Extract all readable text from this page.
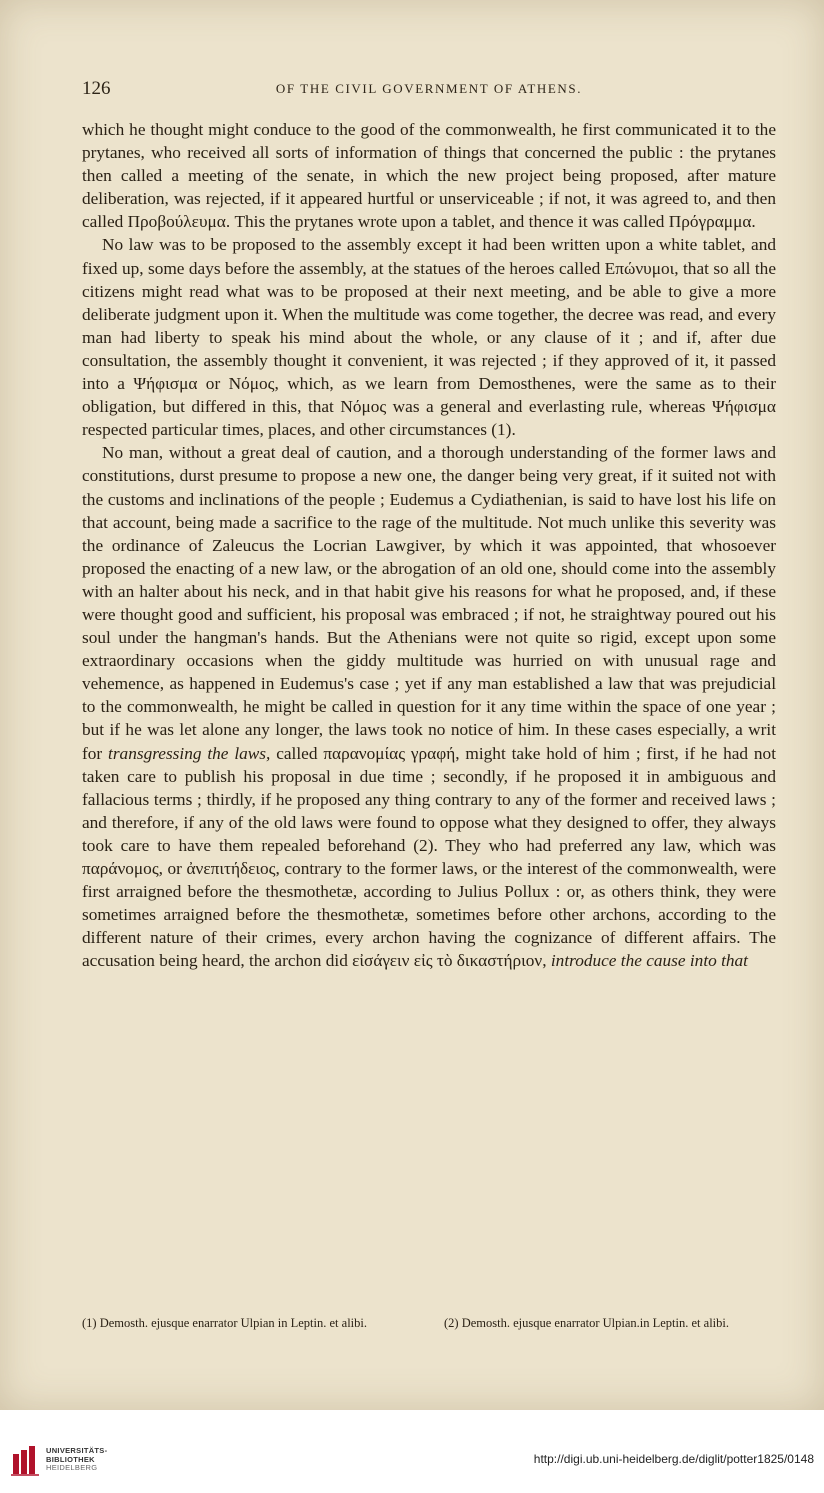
126	OF THE CIVIL GOVERNMENT OF ATHENS.

which he thought might conduce to the good of the commonwealth, he first communicated it to the prytanes, who received all sorts of information of things that concerned the public : the prytanes then called a meeting of the senate, in which the new project being proposed, after mature deliberation, was rejected, if it appeared hurtful or unserviceable ; if not, it was agreed to, and then called Προβούλευμα. This the prytanes wrote upon a tablet, and thence it was called Πρόγραμμα.

No law was to be proposed to the assembly except it had been written upon a white tablet, and fixed up, some days before the assembly, at the statues of the heroes called Επώνυμοι, that so all the citizens might read what was to be proposed at their next meeting, and be able to give a more deliberate judgment upon it. When the multitude was come together, the decree was read, and every man had liberty to speak his mind about the whole, or any clause of it ; and if, after due consultation, the assembly thought it convenient, it was rejected ; if they approved of it, it passed into a Ψήφισμα or Νόμος, which, as we learn from Demosthenes, were the same as to their obligation, but differed in this, that Νόμος was a general and everlasting rule, whereas Ψήφισμα respected particular times, places, and other circumstances (1).

No man, without a great deal of caution, and a thorough understanding of the former laws and constitutions, durst presume to propose a new one, the danger being very great, if it suited not with the customs and inclinations of the people ; Eudemus a Cydiathenian, is said to have lost his life on that account, being made a sacrifice to the rage of the multitude. Not much unlike this severity was the ordinance of Zaleucus the Locrian Lawgiver, by which it was appointed, that whosoever proposed the enacting of a new law, or the abrogation of an old one, should come into the assembly with an halter about his neck, and in that habit give his reasons for what he proposed, and, if these were thought good and sufficient, his proposal was embraced ; if not, he straightway poured out his soul under the hangman's hands. But the Athenians were not quite so rigid, except upon some extraordinary occasions when the giddy multitude was hurried on with unusual rage and vehemence, as happened in Eudemus's case ; yet if any man established a law that was prejudicial to the commonwealth, he might be called in question for it any time within the space of one year ; but if he was let alone any longer, the laws took no notice of him. In these cases especially, a writ for transgressing the laws, called παρανομίας γραφή, might take hold of him ; first, if he had not taken care to publish his proposal in due time ; secondly, if he proposed it in ambiguous and fallacious terms ; thirdly, if he proposed any thing contrary to any of the former and received laws ; and therefore, if any of the old laws were found to oppose what they designed to offer, they always took care to have them repealed beforehand (2). They who had preferred any law, which was παράνομος, or ἀνεπιτήδειος, contrary to the former laws, or the interest of the commonwealth, were first arraigned before the thesmothetæ, according to Julius Pollux : or, as others think, they were sometimes arraigned before the thesmothetæ, sometimes before other archons, according to the different nature of their crimes, every archon having the cognizance of different affairs. The accusation being heard, the archon did εἰσάγειν εἰς τὸ δικαστήριον, introduce the cause into that

(1) Demosth. ejusque enarrator Ulpian in Leptin. et alibi.	(2) Demosth. ejusque enarrator Ulpian.in Leptin. et alibi.
UNIVERSITÄTS-
BIBLIOTHEK
HEIDELBERG
http://digi.ub.uni-heidelberg.de/diglit/potter1825/0148
